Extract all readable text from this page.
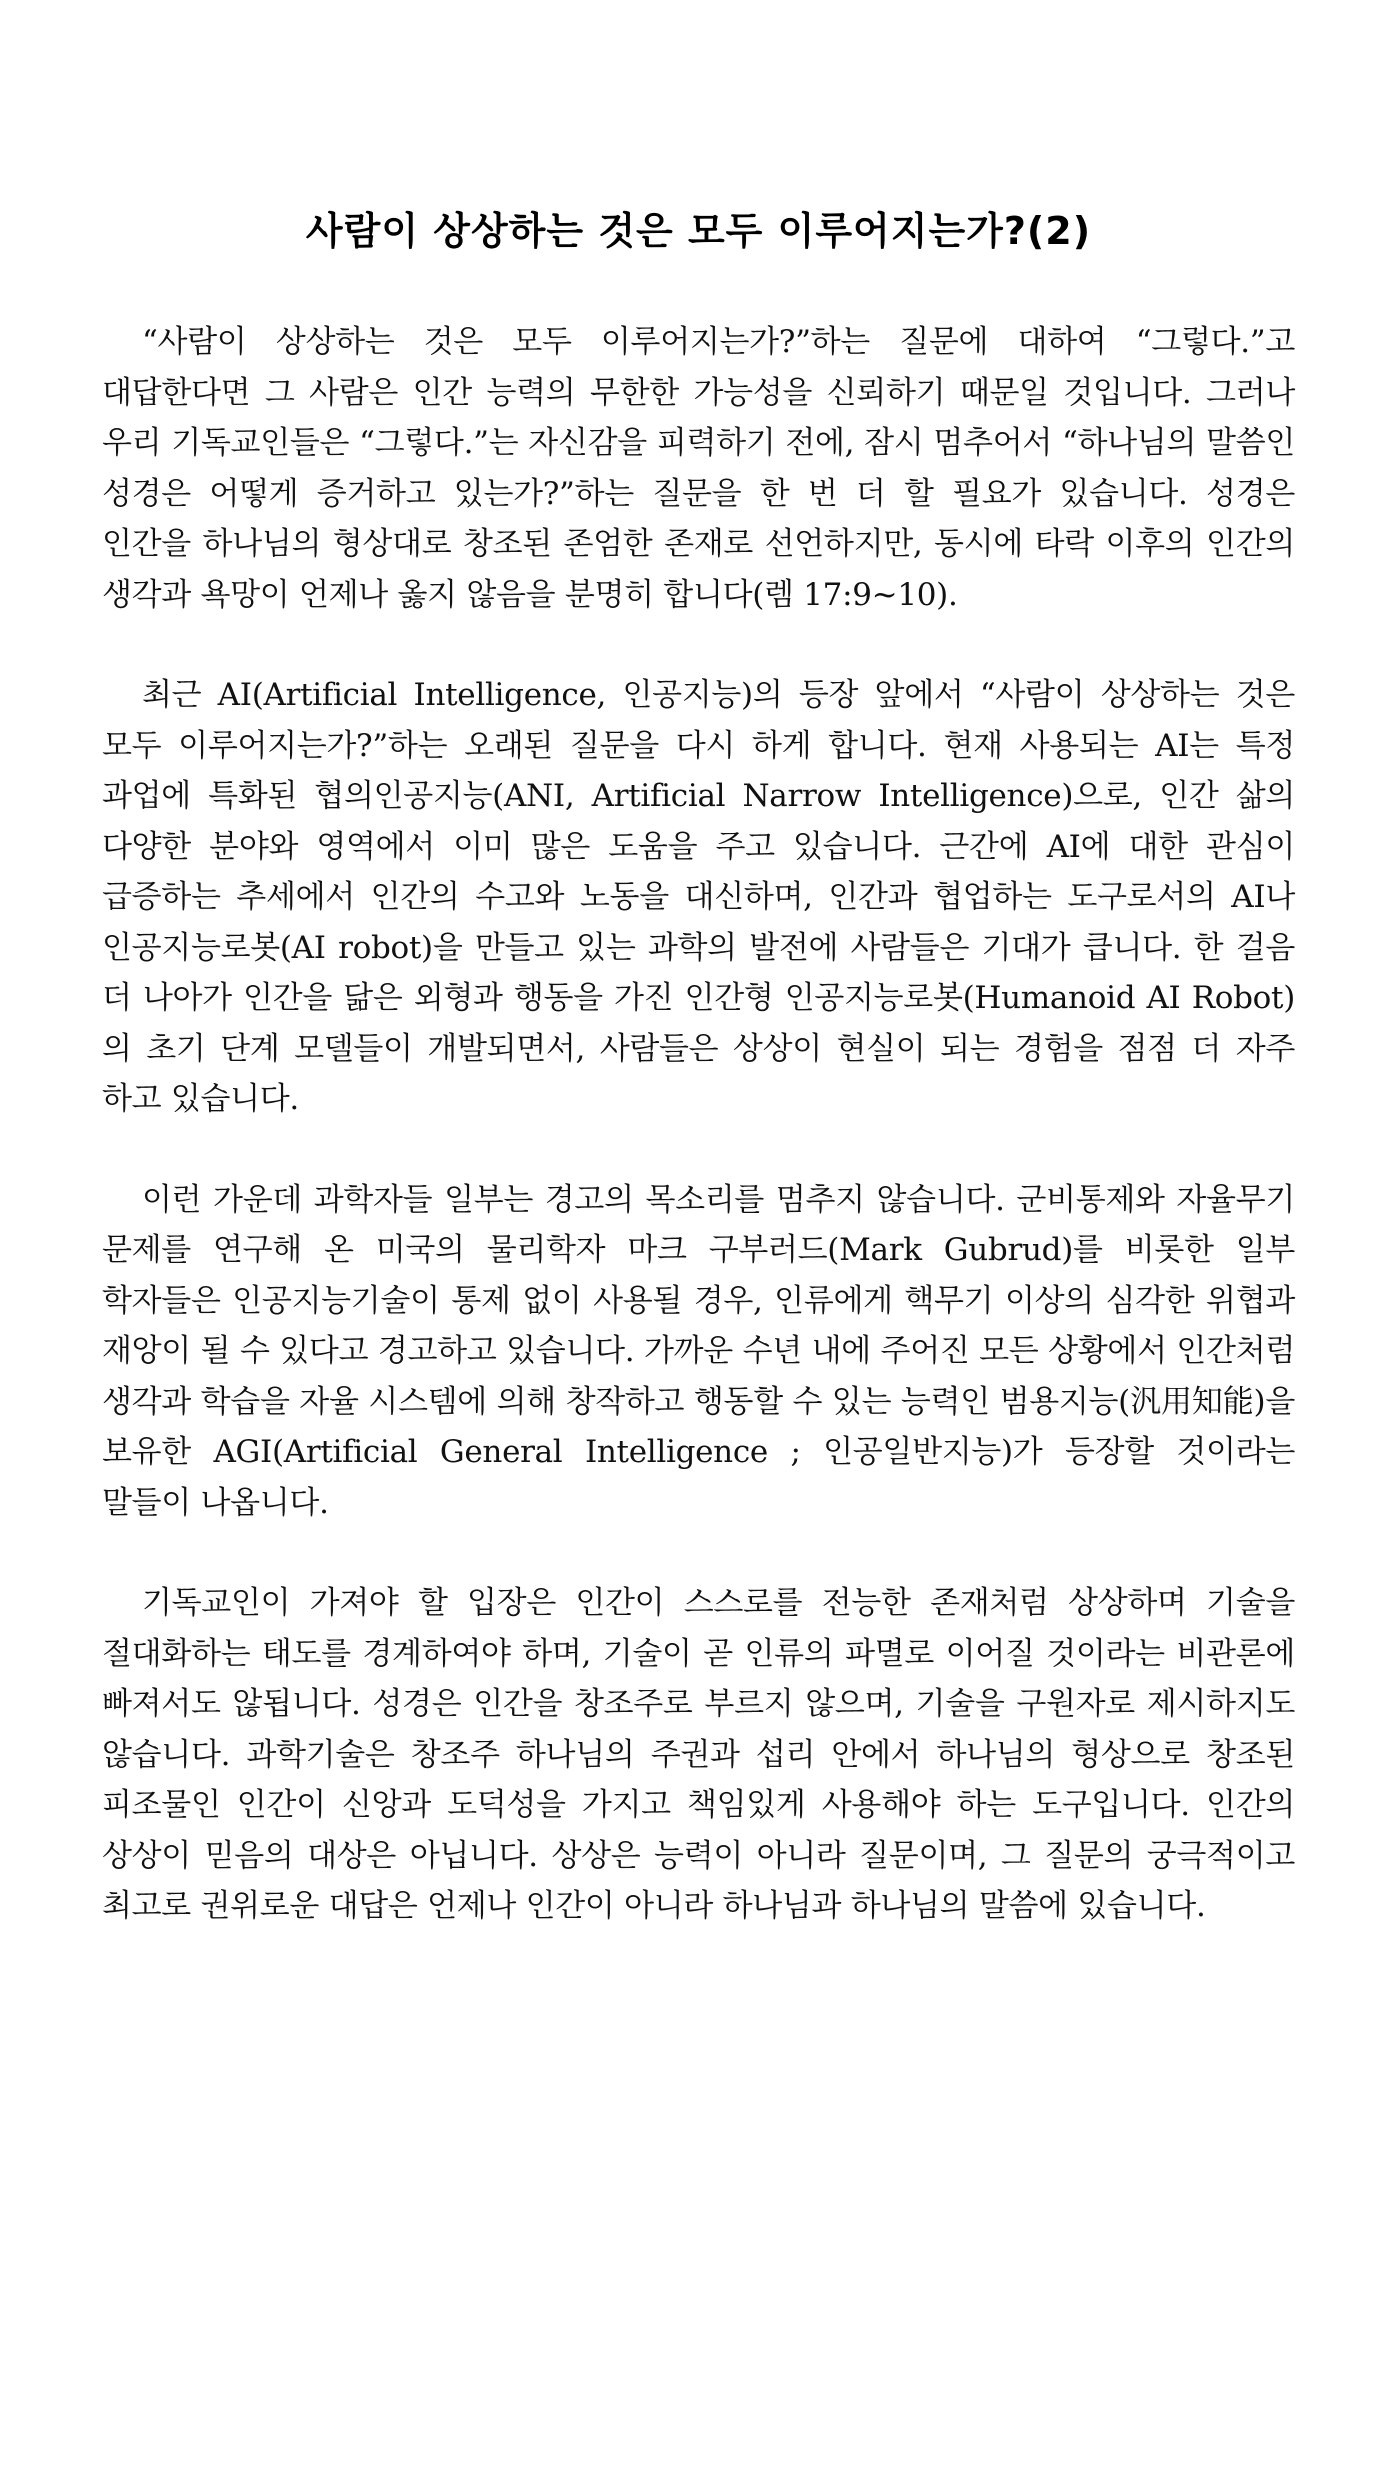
사람이 상상하는 것은 모두 이루어지는가?(2)

“사람이 상상하는 것은 모두 이루어지는가?”하는 질문에 대하여 “그렇다.”고 대답한다면 그 사람은 인간 능력의 무한한 가능성을 신뢰하기 때문일 것입니다. 그러나 우리 기독교인들은 “그렇다.”는 자신감을 피력하기 전에, 잠시 멈추어서 “하나님의 말씀인 성경은 어떻게 증거하고 있는가?”하는 질문을 한 번 더 할 필요가 있습니다. 성경은 인간을 하나님의 형상대로 창조된 존엄한 존재로 선언하지만, 동시에 타락 이후의 인간의 생각과 욕망이 언제나 옳지 않음을 분명히 합니다(렘 17:9~10).

최근 AI(Artificial Intelligence, 인공지능)의 등장 앞에서 “사람이 상상하는 것은 모두 이루어지는가?”하는 오래된 질문을 다시 하게 합니다. 현재 사용되는 AI는 특정 과업에 특화된 협의인공지능(ANI, Artificial Narrow Intelligence)으로, 인간 삶의 다양한 분야와 영역에서 이미 많은 도움을 주고 있습니다. 근간에 AI에 대한 관심이 급증하는 추세에서 인간의 수고와 노동을 대신하며, 인간과 협업하는 도구로서의 AI나 인공지능로봇(AI robot)을 만들고 있는 과학의 발전에 사람들은 기대가 큽니다. 한 걸음 더 나아가 인간을 닮은 외형과 행동을 가진 인간형 인공지능로봇(Humanoid AI Robot)의 초기 단계 모델들이 개발되면서, 사람들은 상상이 현실이 되는 경험을 점점 더 자주 하고 있습니다.

이런 가운데 과학자들 일부는 경고의 목소리를 멈추지 않습니다. 군비통제와 자율무기 문제를 연구해 온 미국의 물리학자 마크 구부러드(Mark Gubrud)를 비롯한 일부 학자들은 인공지능기술이 통제 없이 사용될 경우, 인류에게 핵무기 이상의 심각한 위협과 재앙이 될 수 있다고 경고하고 있습니다. 가까운 수년 내에 주어진 모든 상황에서 인간처럼 생각과 학습을 자율 시스템에 의해 창작하고 행동할 수 있는 능력인 범용지능(汎用知能)을 보유한 AGI(Artificial General Intelligence ; 인공일반지능)가 등장할 것이라는 말들이 나옵니다.

기독교인이 가져야 할 입장은 인간이 스스로를 전능한 존재처럼 상상하며 기술을 절대화하는 태도를 경계하여야 하며, 기술이 곧 인류의 파멸로 이어질 것이라는 비관론에 빠져서도 않됩니다. 성경은 인간을 창조주로 부르지 않으며, 기술을 구원자로 제시하지도 않습니다. 과학기술은 창조주 하나님의 주권과 섭리 안에서 하나님의 형상으로 창조된 피조물인 인간이 신앙과 도덕성을 가지고 책임있게 사용해야 하는 도구입니다. 인간의 상상이 믿음의 대상은 아닙니다. 상상은 능력이 아니라 질문이며, 그 질문의 궁극적이고 최고로 권위로운 대답은 언제나 인간이 아니라 하나님과 하나님의 말씀에 있습니다.
